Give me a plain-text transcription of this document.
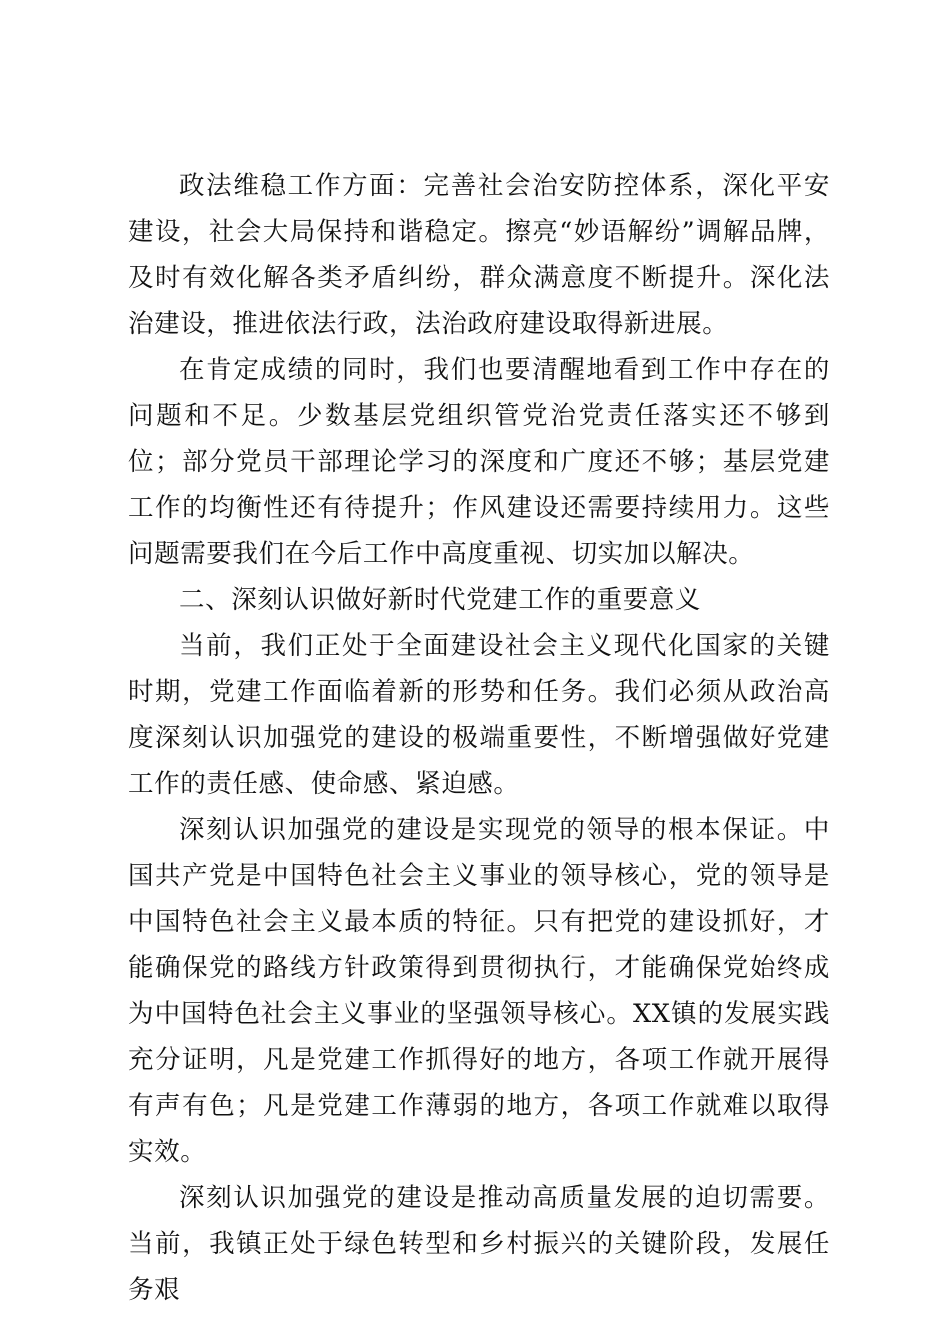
政法维稳工作方面：完善社会治安防控体系，深化平安建设，社会大局保持和谐稳定。擦亮“妙语解纷”调解品牌，及时有效化解各类矛盾纠纷，群众满意度不断提升。深化法治建设，推进依法行政，法治政府建设取得新进展。

在肯定成绩的同时，我们也要清醒地看到工作中存在的问题和不足。少数基层党组织管党治党责任落实还不够到位；部分党员干部理论学习的深度和广度还不够；基层党建工作的均衡性还有待提升；作风建设还需要持续用力。这些问题需要我们在今后工作中高度重视、切实加以解决。

二、深刻认识做好新时代党建工作的重要意义

当前，我们正处于全面建设社会主义现代化国家的关键时期，党建工作面临着新的形势和任务。我们必须从政治高度深刻认识加强党的建设的极端重要性，不断增强做好党建工作的责任感、使命感、紧迫感。

深刻认识加强党的建设是实现党的领导的根本保证。中国共产党是中国特色社会主义事业的领导核心，党的领导是中国特色社会主义最本质的特征。只有把党的建设抓好，才能确保党的路线方针政策得到贯彻执行，才能确保党始终成为中国特色社会主义事业的坚强领导核心。XX镇的发展实践充分证明，凡是党建工作抓得好的地方，各项工作就开展得有声有色；凡是党建工作薄弱的地方，各项工作就难以取得实效。

深刻认识加强党的建设是推动高质量发展的迫切需要。当前，我镇正处于绿色转型和乡村振兴的关键阶段，发展任务艰
